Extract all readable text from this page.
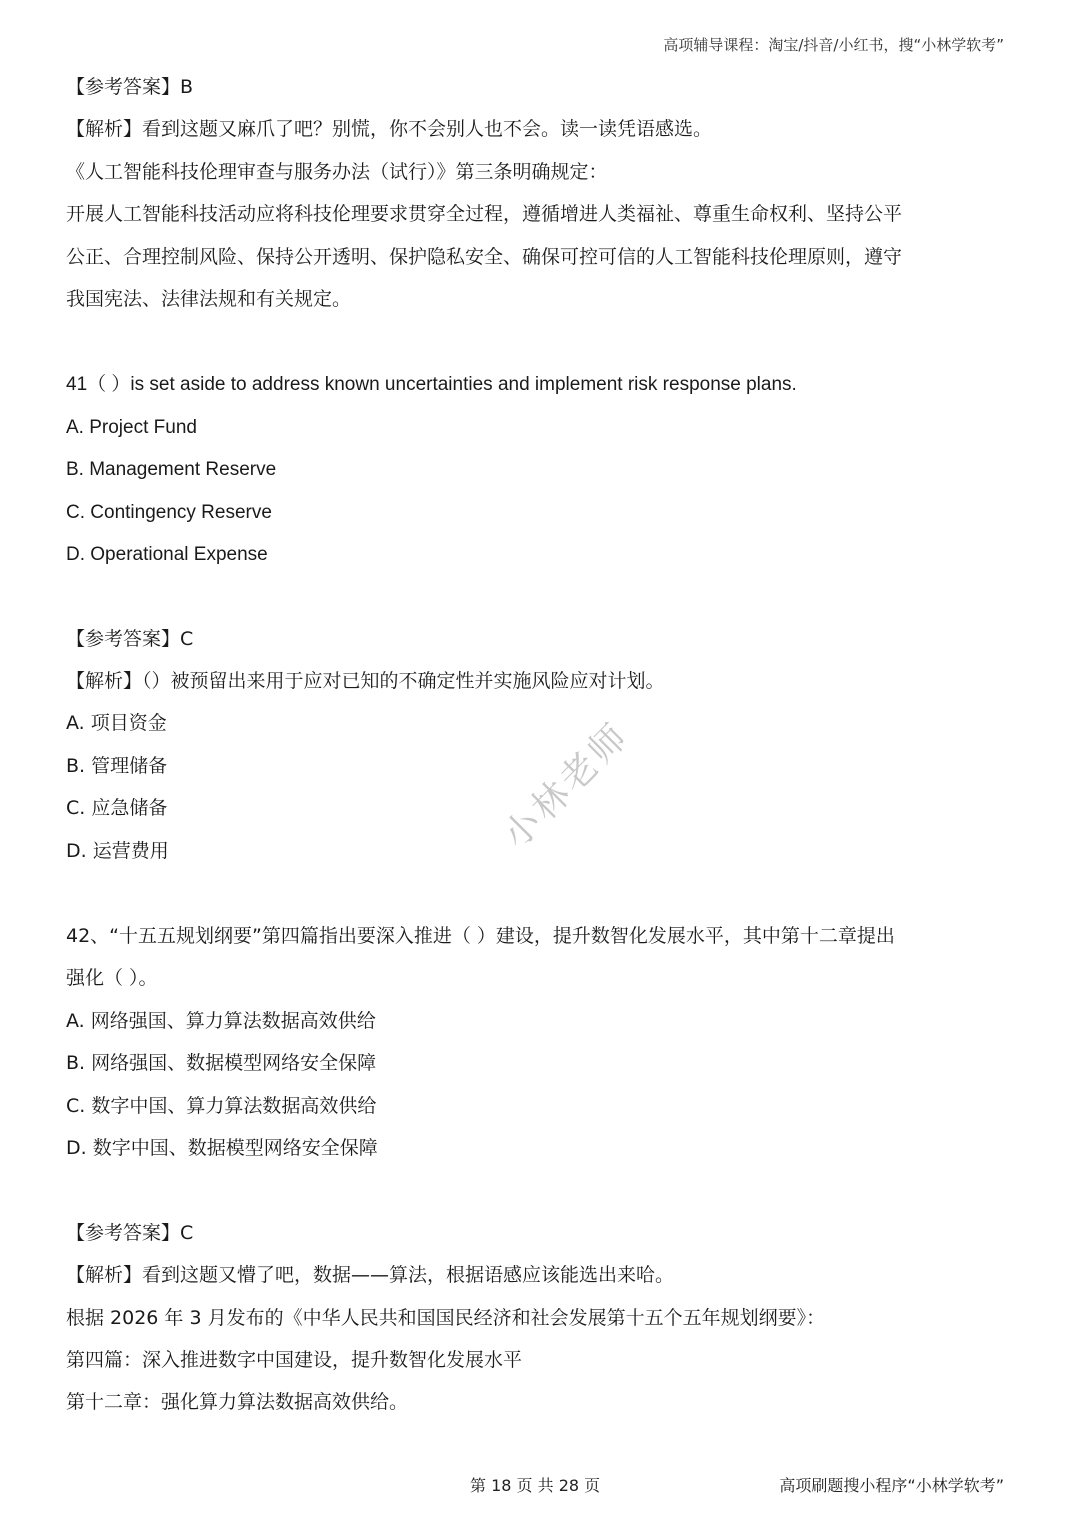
高项辅导课程：淘宝/抖音/小红书，搜“小林学软考”
【参考答案】B
【解析】看到这题又麻爪了吧？别慌，你不会别人也不会。读一读凭语感选。
《人工智能科技伦理审查与服务办法（试行）》第三条明确规定：
开展人工智能科技活动应将科技伦理要求贯穿全过程，遵循增进人类福祉、尊重生命权利、坚持公平
公正、合理控制风险、保持公开透明、保护隐私安全、确保可控可信的人工智能科技伦理原则，遵守
我国宪法、法律法规和有关规定。
41（ ）is set aside to address known uncertainties and implement risk response plans.
A. Project Fund
B. Management Reserve
C. Contingency Reserve
D. Operational Expense
【参考答案】C
【解析】（）被预留出来用于应对已知的不确定性并实施风险应对计划。
A. 项目资金
B. 管理储备
C. 应急储备
D. 运营费用	小林老师
42、“十五五规划纲要”第四篇指出要深入推进（ ）建设，提升数智化发展水平，其中第十二章提出
强化（ ）。
A. 网络强国、算力算法数据高效供给
B. 网络强国、数据模型网络安全保障
C. 数字中国、算力算法数据高效供给
D. 数字中国、数据模型网络安全保障
【参考答案】C
【解析】看到这题又懵了吧，数据——算法，根据语感应该能选出来哈。
根据 2026 年 3 月发布的《中华人民共和国国民经济和社会发展第十五个五年规划纲要》：
第四篇：深入推进数字中国建设，提升数智化发展水平
第十二章：强化算力算法数据高效供给。
第 18 页 共 28 页	高项刷题搜小程序“小林学软考”
